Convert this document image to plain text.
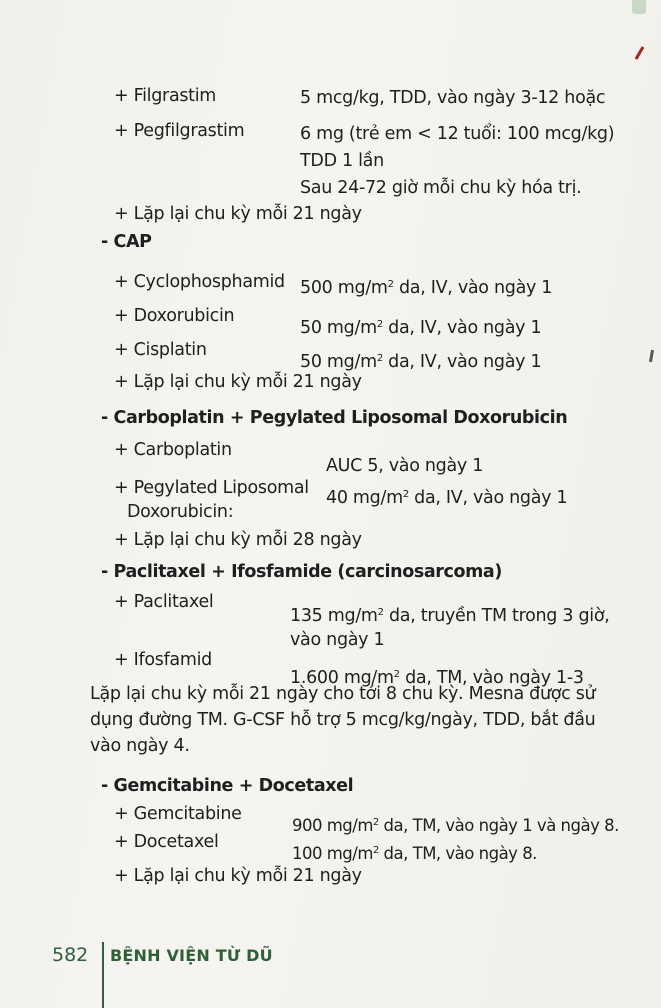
+ Filgrastim	5 mcg/kg, TDD, vào ngày 3-12 hoặc
+ Pegfilgrastim	6 mg (trẻ em < 12 tuổi: 100 mcg/kg)
TDD 1 lần
Sau 24-72 giờ mỗi chu kỳ hóa trị.
+ Lặp lại chu kỳ mỗi 21 ngày
- CAP
+ Cyclophosphamid 500 $mg/m^2$ da, IV, vào ngày 1
+ Doxorubicin
50 $mg/m^2$ da, IV, vào ngày 1
+ Cisplatin
50 $mg/m^2$ da, IV, vào ngày 1
+ Lặp lại chu kỳ mỗi 21 ngày
- Carboplatin + Pegylated Liposomal Doxorubicin
+ Carboplatin
AUC 5, vào ngày 1
+ Pegylated Liposomal
Doxorubicin:
40 $mg/m^2$ da, IV, vào ngày 1
+ Lặp lại chu kỳ mỗi 28 ngày
- Paclitaxel + Ifosfamide (carcinosarcoma)
+ Paclitaxel
135 $mg/m^2$ da, truyền TM trong 3 giờ,
vào ngày 1
+ Ifosfamid
1.600 $mg/m^2$ da, TM, vào ngày 1-3
Lặp lại chu kỳ mỗi 21 ngày cho tới 8 chu kỳ. Mesna được sử
dụng đường TM. G-CSF hỗ trợ 5 mcg/kg/ngày, TDD, bắt đầu
vào ngày 4.
- Gemcitabine + Docetaxel
+ Gemcitabine
900 $mg/m^2$ da, TM, vào ngày 1 và ngày 8.
+ Docetaxel
100 $mg/m^2$ da, TM, vào ngày 8.
+ Lặp lại chu kỳ mỗi 21 ngày
582 BỆNH VIỆN TỪ DŨ
